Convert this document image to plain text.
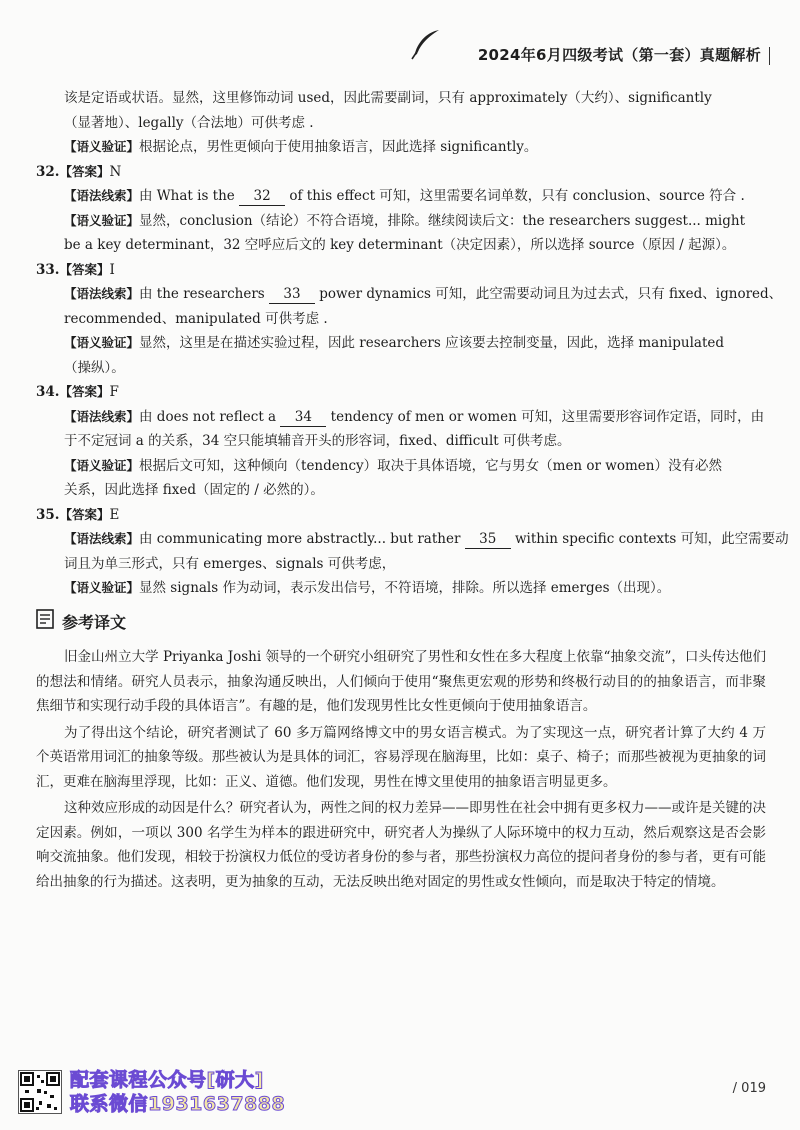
2024年6月四级考试（第一套）真题解析
该是定语或状语。显然，这里修饰动词 used，因此需要副词，只有 approximately（大约）、significantly
（显著地）、legally（合法地）可供考虑 .
【语义验证】根据论点，男性更倾向于使用抽象语言，因此选择 significantly。
32.【答案】N
【语法线索】由 What is the 32 of this effect 可知，这里需要名词单数，只有 conclusion、source 符合 .
【语义验证】显然，conclusion（结论）不符合语境，排除。继续阅读后文：the researchers suggest... might
be a key determinant，32 空呼应后文的 key determinant（决定因素），所以选择 source（原因 / 起源）。
33.【答案】I
【语法线索】由 the researchers 33 power dynamics 可知，此空需要动词且为过去式，只有 fixed、ignored、
recommended、manipulated 可供考虑 .
【语义验证】显然，这里是在描述实验过程，因此 researchers 应该要去控制变量，因此，选择 manipulated
（操纵）。
34.【答案】F
【语法线索】由 does not reflect a 34 tendency of men or women 可知，这里需要形容词作定语，同时，由
于不定冠词 a 的关系，34 空只能填辅音开头的形容词，fixed、difficult 可供考虑。
【语义验证】根据后文可知，这种倾向（tendency）取决于具体语境，它与男女（men or women）没有必然
关系，因此选择 fixed（固定的 / 必然的）。
35.【答案】E
【语法线索】由 communicating more abstractly... but rather 35 within specific contexts 可知，此空需要动
词且为单三形式，只有 emerges、signals 可供考虑，
【语义验证】显然 signals 作为动词，表示发出信号，不符语境，排除。所以选择 emerges（出现）。
参考译文

旧金山州立大学 Priyanka Joshi 领导的一个研究小组研究了男性和女性在多大程度上依靠“抽象交流”，口头传达他们的想法和情绪。研究人员表示，抽象沟通反映出，人们倾向于使用“聚焦更宏观的形势和终极行动目的的抽象语言，而非聚焦细节和实现行动手段的具体语言”。有趣的是，他们发现男性比女性更倾向于使用抽象语言。

为了得出这个结论，研究者测试了 60 多万篇网络博文中的男女语言模式。为了实现这一点，研究者计算了大约 4 万个英语常用词汇的抽象等级。那些被认为是具体的词汇，容易浮现在脑海里，比如：桌子、椅子；而那些被视为更抽象的词汇，更难在脑海里浮现，比如：正义、道德。他们发现，男性在博文里使用的抽象语言明显更多。

这种效应形成的动因是什么？研究者认为，两性之间的权力差异——即男性在社会中拥有更多权力——或许是关键的决定因素。例如，一项以 300 名学生为样本的跟进研究中，研究者人为操纵了人际环境中的权力互动，然后观察这是否会影响交流抽象。他们发现，相较于扮演权力低位的受访者身份的参与者，那些扮演权力高位的提问者身份的参与者，更有可能给出抽象的行为描述。这表明，更为抽象的互动，无法反映出绝对固定的男性或女性倾向，而是取决于特定的情境。

配套课程公众号[研大]
联系微信1931637888
/ 019
